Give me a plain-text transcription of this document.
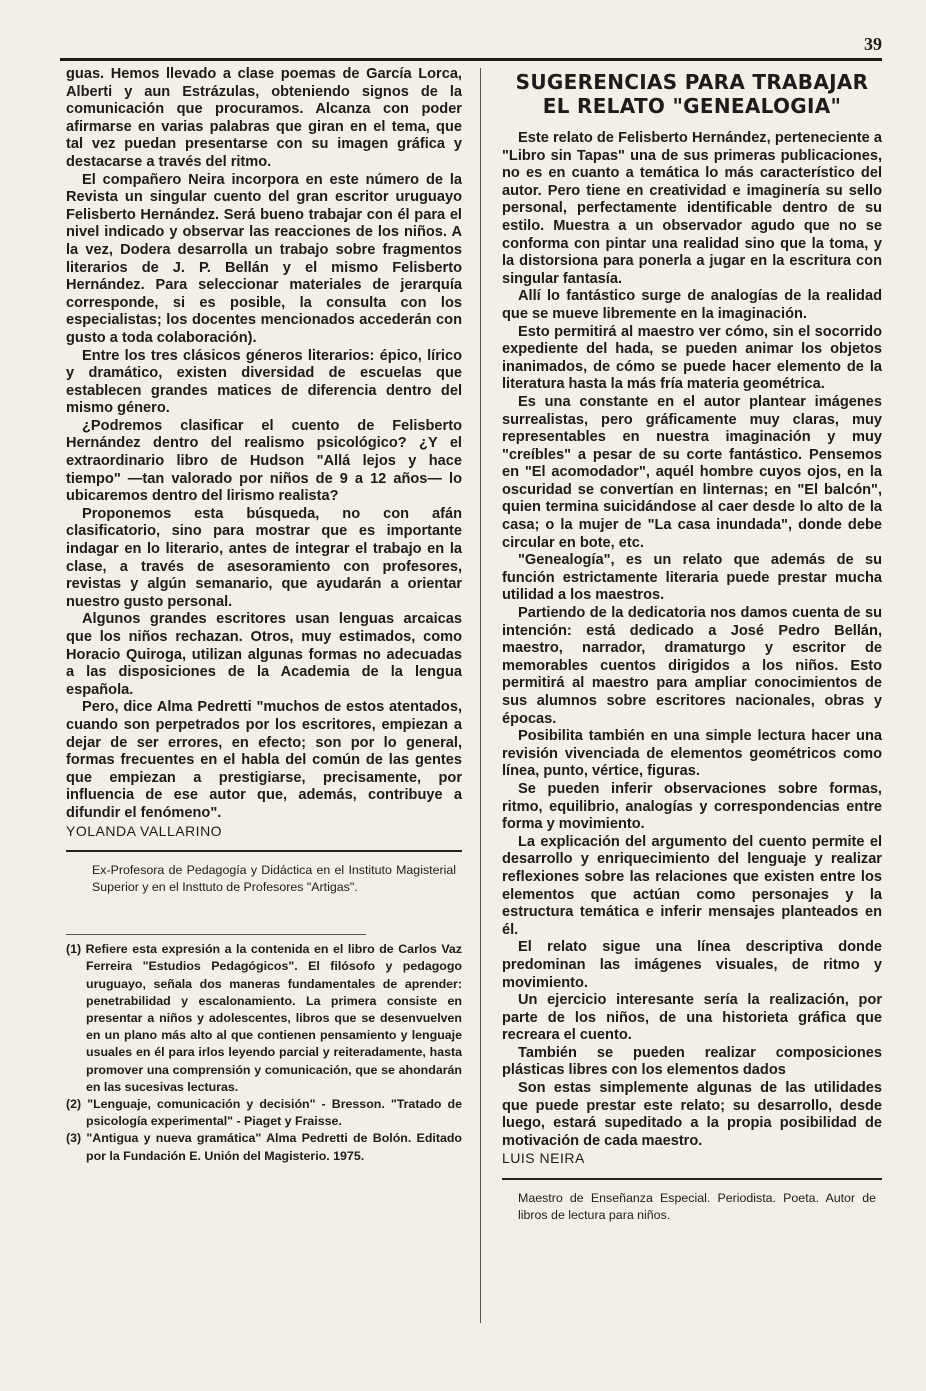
39

guas. Hemos llevado a clase poemas de García Lorca, Alberti y aun Estrázulas, obteniendo signos de la comunicación que procuramos. Alcanza con poder afirmarse en varias palabras que giran en el tema, que tal vez puedan presentarse con su imagen gráfica y destacarse a través del ritmo.

El compañero Neira incorpora en este número de la Revista un singular cuento del gran escritor uruguayo Felisberto Hernández. Será bueno trabajar con él para el nivel indicado y observar las reacciones de los niños. A la vez, Dodera desarrolla un trabajo sobre fragmentos literarios de J. P. Bellán y el mismo Felisberto Hernández. Para seleccionar materiales de jerarquía corresponde, si es posible, la consulta con los especialistas; los docentes mencionados accederán con gusto a toda colaboración).

Entre los tres clásicos géneros literarios: épico, lírico y dramático, existen diversidad de escuelas que establecen grandes matices de diferencia dentro del mismo género.

¿Podremos clasificar el cuento de Felisberto Hernández dentro del realismo psicológico? ¿Y el extraordinario libro de Hudson "Allá lejos y hace tiempo" —tan valorado por niños de 9 a 12 años— lo ubicaremos dentro del lirismo realista?

Proponemos esta búsqueda, no con afán clasificatorio, sino para mostrar que es importante indagar en lo literario, antes de integrar el trabajo en la clase, a través de asesoramiento con profesores, revistas y algún semanario, que ayudarán a orientar nuestro gusto personal.

Algunos grandes escritores usan lenguas arcaicas que los niños rechazan. Otros, muy estimados, como Horacio Quiroga, utilizan algunas formas no adecuadas a las disposiciones de la Academia de la lengua española.

Pero, dice Alma Pedretti "muchos de estos atentados, cuando son perpetrados por los escritores, empiezan a dejar de ser errores, en efecto; son por lo general, formas frecuentes en el habla del común de las gentes que empiezan a prestigiarse, precisamente, por influencia de ese autor que, además, contribuye a difundir el fenómeno".

YOLANDA VALLARINO

Ex-Profesora de Pedagogía y Didáctica en el Instituto Magisterial Superior y en el Insttuto de Profesores "Artigas".

(1) Refiere esta expresión a la contenida en el libro de Carlos Vaz Ferreira "Estudios Pedagógicos". El filósofo y pedagogo uruguayo, señala dos maneras fundamentales de aprender: penetrabilidad y escalonamiento. La primera consiste en presentar a niños y adolescentes, libros que se desenvuelven en un plano más alto al que contienen pensamiento y lenguaje usuales en él para irlos leyendo parcial y reiteradamente, hasta promover una comprensión y comunicación, que se ahondarán en las sucesivas lecturas.

(2) "Lenguaje, comunicación y decisión" - Bresson. "Tratado de psicología experimental" - Piaget y Fraisse.

(3) "Antigua y nueva gramática" Alma Pedretti de Bolón. Editado por la Fundación E. Unión del Magisterio. 1975.

SUGERENCIAS PARA TRABAJAR EL RELATO "GENEALOGIA"

Este relato de Felisberto Hernández, perteneciente a "Libro sin Tapas" una de sus primeras publicaciones, no es en cuanto a temática lo más característico del autor. Pero tiene en creatividad e imaginería su sello personal, perfectamente identificable dentro de su estilo. Muestra a un observador agudo que no se conforma con pintar una realidad sino que la toma, y la distorsiona para ponerla a jugar en la escritura con singular fantasía.

Allí lo fantástico surge de analogías de la realidad que se mueve libremente en la imaginación.

Esto permitirá al maestro ver cómo, sin el socorrido expediente del hada, se pueden animar los objetos inanimados, de cómo se puede hacer elemento de la literatura hasta la más fría materia geométrica.

Es una constante en el autor plantear imágenes surrealistas, pero gráficamente muy claras, muy representables en nuestra imaginación y muy "creíbles" a pesar de su corte fantástico. Pensemos en "El acomodador", aquél hombre cuyos ojos, en la oscuridad se convertían en linternas; en "El balcón", quien termina suicidándose al caer desde lo alto de la casa; o la mujer de "La casa inundada", donde debe circular en bote, etc.

"Genealogía", es un relato que además de su función estrictamente literaria puede prestar mucha utilidad a los maestros.

Partiendo de la dedicatoria nos damos cuenta de su intención: está dedicado a José Pedro Bellán, maestro, narrador, dramaturgo y escritor de memorables cuentos dirigidos a los niños. Esto permitirá al maestro para ampliar conocimientos de sus alumnos sobre escritores nacionales, obras y épocas.

Posibilita también en una simple lectura hacer una revisión vivenciada de elementos geométricos como línea, punto, vértice, figuras.

Se pueden inferir observaciones sobre formas, ritmo, equilibrio, analogías y correspondencias entre forma y movimiento.

La explicación del argumento del cuento permite el desarrollo y enriquecimiento del lenguaje y realizar reflexiones sobre las relaciones que existen entre los elementos que actúan como personajes y la estructura temática e inferir mensajes planteados en él.

El relato sigue una línea descriptiva donde predominan las imágenes visuales, de ritmo y movimiento.

Un ejercicio interesante sería la realización, por parte de los niños, de una historieta gráfica que recreara el cuento.

También se pueden realizar composiciones plásticas libres con los elementos dados

Son estas simplemente algunas de las utilidades que puede prestar este relato; su desarrollo, desde luego, estará supeditado a la propia posibilidad de motivación de cada maestro.

LUIS NEIRA

Maestro de Enseñanza Especial. Periodista. Poeta. Autor de libros de lectura para niños.
